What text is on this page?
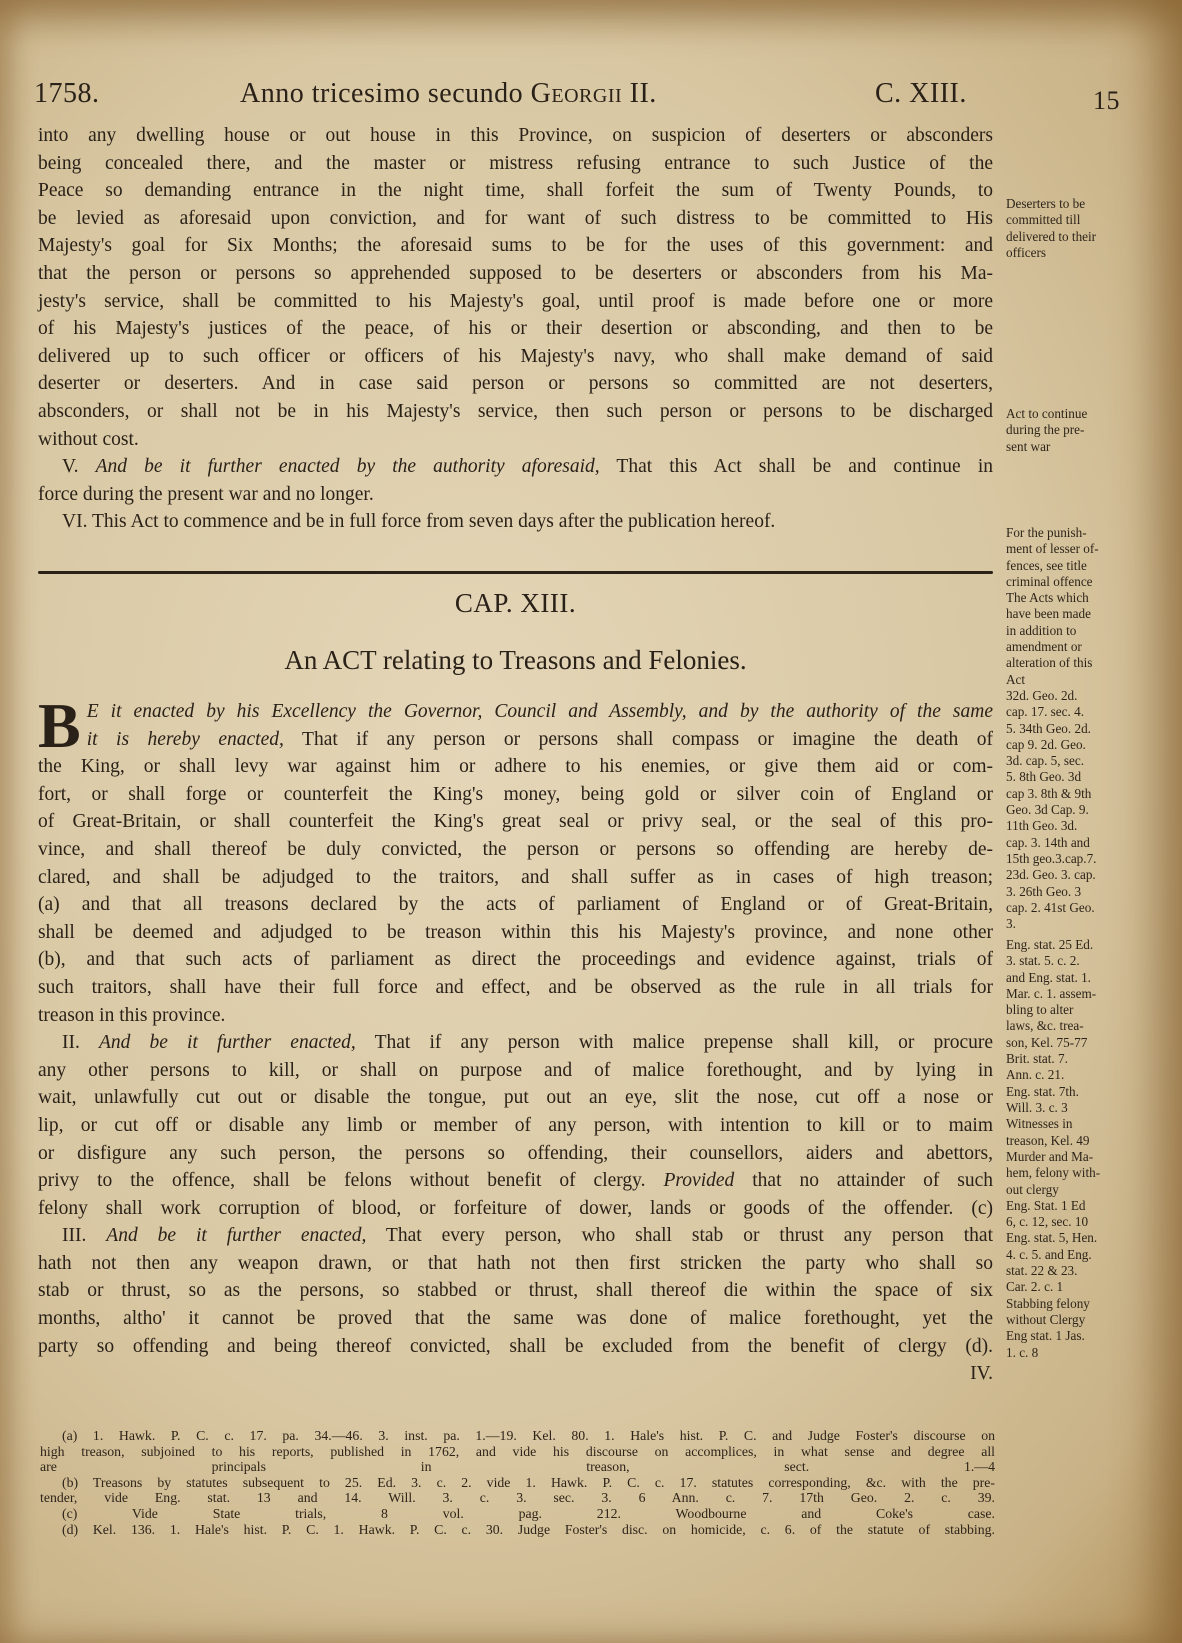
1758.	Anno tricesimo secundo Georgii II.	C. XIII.	15
into any dwelling house or out house in this Province, on suspicion of deserters or absconders
being concealed there, and the master or mistress refusing entrance to such Justice of the
Peace so demanding entrance in the night time, shall forfeit the sum of Twenty Pounds, to
be levied as aforesaid upon conviction, and for want of such distress to be committed to His
Majesty's goal for Six Months; the aforesaid sums to be for the uses of this government: and
that the person or persons so apprehended supposed to be deserters or absconders from his Ma-
jesty's service, shall be committed to his Majesty's goal, until proof is made before one or more
of his Majesty's justices of the peace, of his or their desertion or absconding, and then to be
delivered up to such officer or officers of his Majesty's navy, who shall make demand of said
deserter or deserters. And in case said person or persons so committed are not deserters,
absconders, or shall not be in his Majesty's service, then such person or persons to be discharged
without cost.
V. And be it further enacted by the authority aforesaid, That this Act shall be and continue in
force during the present war and no longer.
VI. This Act to commence and be in full force from seven days after the publication hereof.
CAP. XIII.
An ACT relating to Treasons and Felonies.
B E it enacted by his Excellency the Governor, Council and Assembly, and by the authority of the same
it is hereby enacted, That if any person or persons shall compass or imagine the death of
the King, or shall levy war against him or adhere to his enemies, or give them aid or com-
fort, or shall forge or counterfeit the King's money, being gold or silver coin of England or
of Great-Britain, or shall counterfeit the King's great seal or privy seal, or the seal of this pro-
vince, and shall thereof be duly convicted, the person or persons so offending are hereby de-
clared, and shall be adjudged to the traitors, and shall suffer as in cases of high treason;
(a) and that all treasons declared by the acts of parliament of England or of Great-Britain,
shall be deemed and adjudged to be treason within this his Majesty's province, and none other
(b), and that such acts of parliament as direct the proceedings and evidence against, trials of
such traitors, shall have their full force and effect, and be observed as the rule in all trials for
treason in this province.
II. And be it further enacted, That if any person with malice prepense shall kill, or procure
any other persons to kill, or shall on purpose and of malice forethought, and by lying in
wait, unlawfully cut out or disable the tongue, put out an eye, slit the nose, cut off a nose or
lip, or cut off or disable any limb or member of any person, with intention to kill or to maim
or disfigure any such person, the persons so offending, their counsellors, aiders and abettors,
privy to the offence, shall be felons without benefit of clergy. Provided that no attainder of such
felony shall work corruption of blood, or forfeiture of dower, lands or goods of the offender. (c)
III. And be it further enacted, That every person, who shall stab or thrust any person that
hath not then any weapon drawn, or that hath not then first stricken the party who shall so
stab or thrust, so as the persons, so stabbed or thrust, shall thereof die within the space of six
months, altho' it cannot be proved that the same was done of malice forethought, yet the
party so offending and being thereof convicted, shall be excluded from the benefit of clergy (d).
IV.
Deserters to be
committed till
delivered to their
officers
Act to continue
during the pre-
sent war
For the punish-
ment of lesser of-
fences, see title
criminal offence
The Acts which
have been made
in addition to
amendment or
alteration of this
Act
32d. Geo. 2d.
cap. 17. sec. 4.
5. 34th Geo. 2d.
cap 9. 2d. Geo.
3d. cap. 5, sec.
5. 8th Geo. 3d
cap 3. 8th & 9th
Geo. 3d Cap. 9.
11th Geo. 3d.
cap. 3. 14th and
15th geo.3.cap.7.
23d. Geo. 3. cap.
3. 26th Geo. 3
cap. 2. 41st Geo.
3.
Eng. stat. 25 Ed.
3. stat. 5. c. 2.
and Eng. stat. 1.
Mar. c. 1. assem-
bling to alter
laws, &c. trea-
son, Kel. 75-77
Brit. stat. 7.
Ann. c. 21.
Eng. stat. 7th.
Will. 3. c. 3
Witnesses in
treason, Kel. 49
Murder and Ma-
hem, felony with-
out clergy
Eng. Stat. 1 Ed
6, c. 12, sec. 10
Eng. stat. 5, Hen.
4. c. 5. and Eng.
stat. 22 & 23.
Car. 2. c. 1
Stabbing felony
without Clergy
Eng stat. 1 Jas.
1. c. 8
(a) 1. Hawk. P. C. c. 17. pa. 34.—46. 3. inst. pa. 1.—19. Kel. 80. 1. Hale's hist. P. C. and Judge Foster's discourse on
high treason, subjoined to his reports, published in 1762, and vide his discourse on accomplices, in what sense and degree all
are principals in treason, sect. 1.—4
(b) Treasons by statutes subsequent to 25. Ed. 3. c. 2. vide 1. Hawk. P. C. c. 17. statutes corresponding, &c. with the pre-
tender, vide Eng. stat. 13 and 14. Will. 3. c. 3. sec. 3. 6 Ann. c. 7. 17th Geo. 2. c. 39.
(c) Vide State trials, 8 vol. pag. 212. Woodbourne and Coke's case.
(d) Kel. 136. 1. Hale's hist. P. C. 1. Hawk. P. C. c. 30. Judge Foster's disc. on homicide, c. 6. of the statute of stabbing.
